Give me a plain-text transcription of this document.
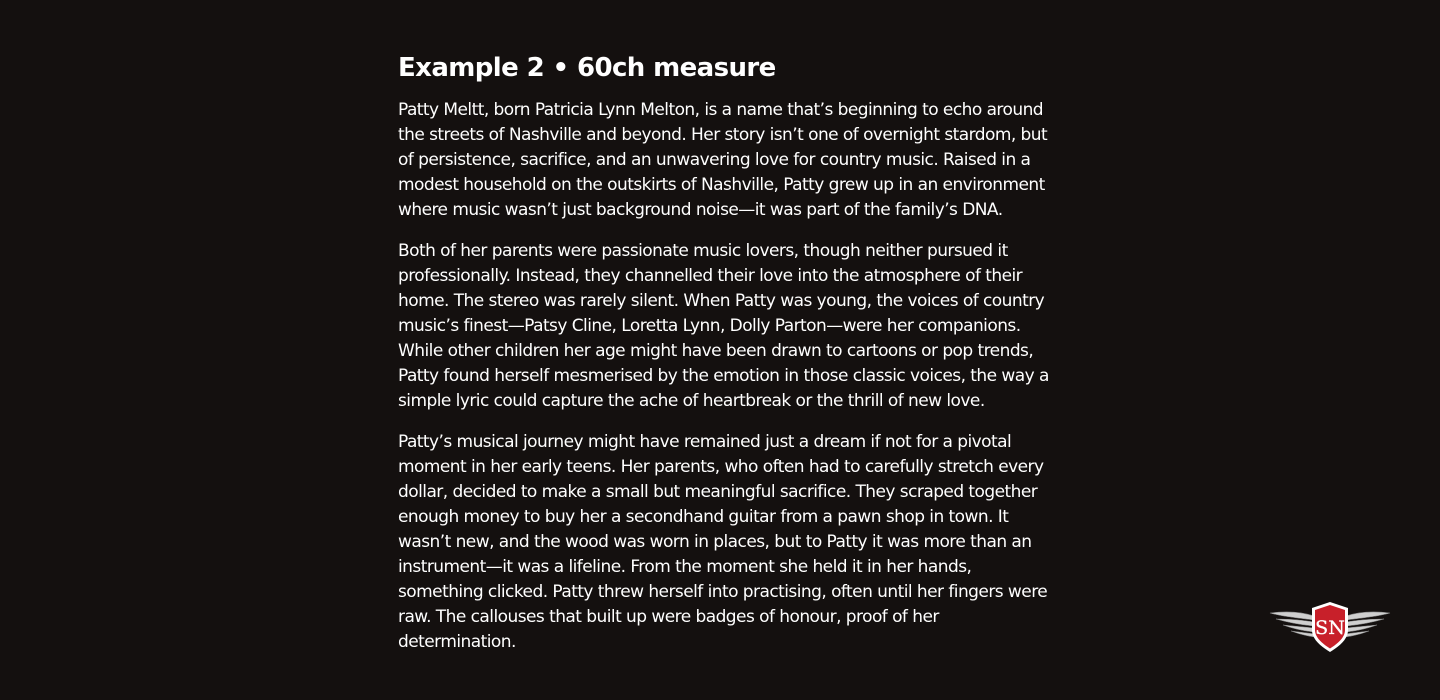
Example 2 • 60ch measure

Patty Meltt, born Patricia Lynn Melton, is a name that’s beginning to echo around the streets of Nashville and beyond. Her story isn’t one of overnight stardom, but of persistence, sacrifice, and an unwavering love for country music. Raised in a modest household on the outskirts of Nashville, Patty grew up in an environment where music wasn’t just background noise—it was part of the family’s DNA.

Both of her parents were passionate music lovers, though neither pursued it professionally. Instead, they channelled their love into the atmosphere of their home. The stereo was rarely silent. When Patty was young, the voices of country music’s finest—Patsy Cline, Loretta Lynn, Dolly Parton—were her companions. While other children her age might have been drawn to cartoons or pop trends, Patty found herself mesmerised by the emotion in those classic voices, the way a simple lyric could capture the ache of heartbreak or the thrill of new love.

Patty’s musical journey might have remained just a dream if not for a pivotal moment in her early teens. Her parents, who often had to carefully stretch every dollar, decided to make a small but meaningful sacrifice. They scraped together enough money to buy her a secondhand guitar from a pawn shop in town. It wasn’t new, and the wood was worn in places, but to Patty it was more than an instrument—it was a lifeline. From the moment she held it in her hands, something clicked. Patty threw herself into practising, often until her fingers were raw. The callouses that built up were badges of honour, proof of her determination.

SN
